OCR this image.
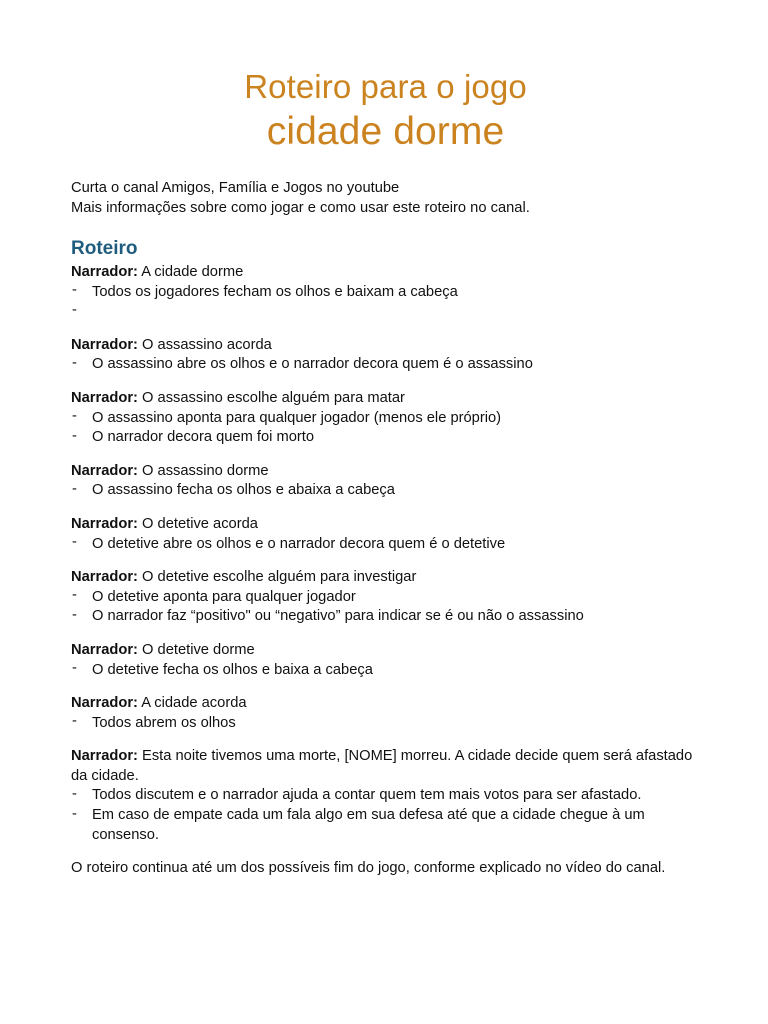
Roteiro para o jogo
cidade dorme

Curta o canal Amigos, Família e Jogos no youtube

Mais informações sobre como jogar e como usar este roteiro no canal.

Roteiro

Narrador: A cidade dorme

- Todos os jogadores fecham os olhos e baixam a cabeça
-

Narrador: O assassino acorda

- O assassino abre os olhos e o narrador decora quem é o assassino

Narrador: O assassino escolhe alguém para matar

- O assassino aponta para qualquer jogador (menos ele próprio)
- O narrador decora quem foi morto

Narrador: O assassino dorme

- O assassino fecha os olhos e abaixa a cabeça

Narrador: O detetive acorda

- O detetive abre os olhos e o narrador decora quem é o detetive

Narrador: O detetive escolhe alguém para investigar

- O detetive aponta para qualquer jogador
- O narrador faz “positivo" ou “negativo” para indicar se é ou não o assassino

Narrador: O detetive dorme

- O detetive fecha os olhos e baixa a cabeça

Narrador: A cidade acorda

- Todos abrem os olhos

Narrador: Esta noite tivemos uma morte, [NOME] morreu. A cidade decide quem será afastado da cidade.

- Todos discutem e o narrador ajuda a contar quem tem mais votos para ser afastado.
- Em caso de empate cada um fala algo em sua defesa até que a cidade chegue à um consenso.
O roteiro continua até um dos possíveis fim do jogo, conforme explicado no vídeo do canal.
